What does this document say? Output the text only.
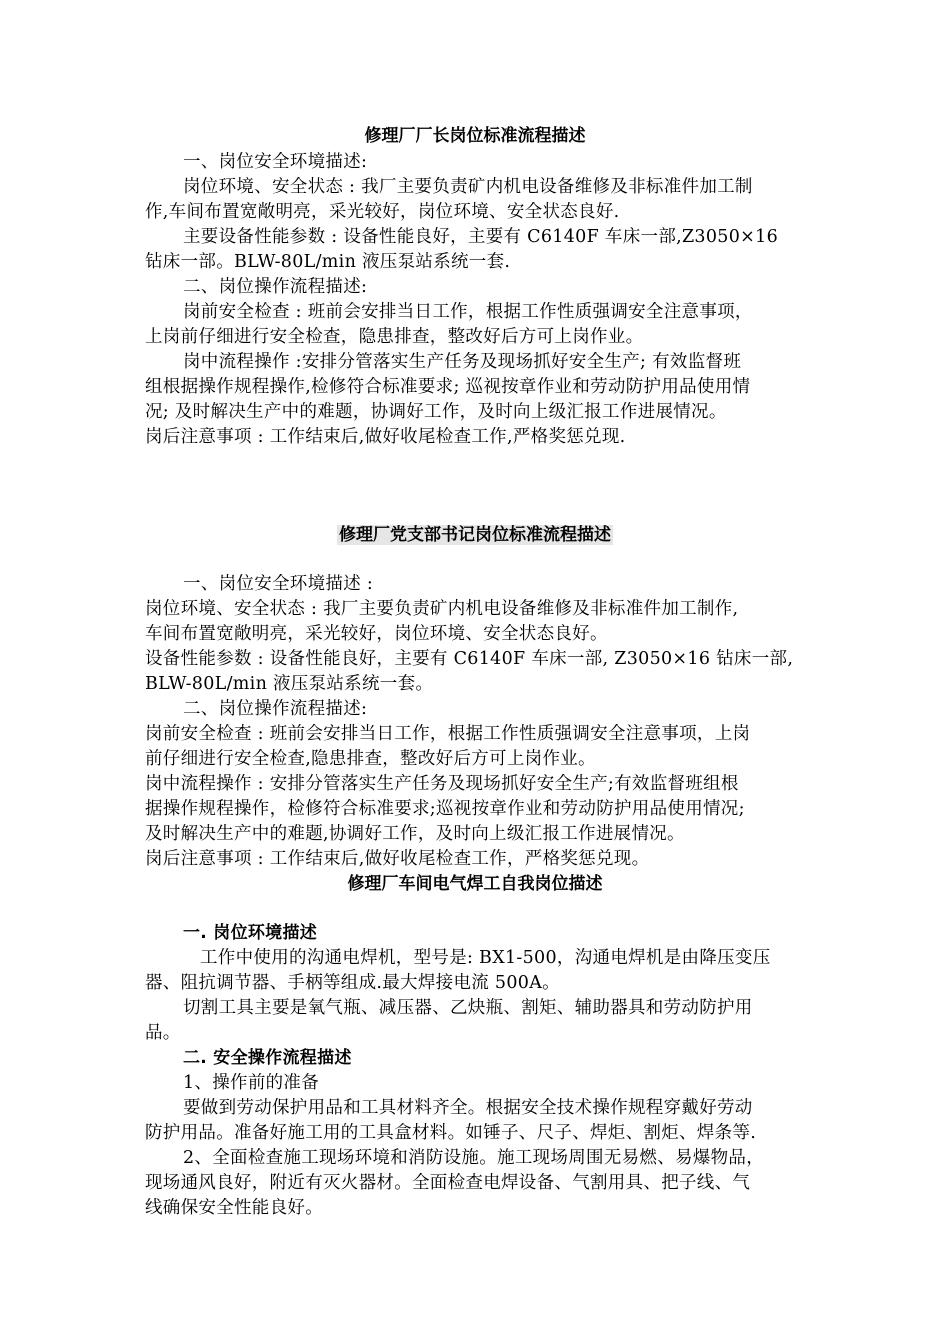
修理厂厂长岗位标准流程描述
一、岗位安全环境描述:
岗位环境、安全状态 : 我厂主要负责矿内机电设备维修及非标准件加工制
作,车间布置宽敞明亮，采光较好，岗位环境、安全状态良好.
主要设备性能参数 : 设备性能良好，主要有 C6140F 车床一部,Z3050×16
钻床一部。BLW-80L/min 液压泵站系统一套.
二、岗位操作流程描述:
岗前安全检查 : 班前会安排当日工作，根据工作性质强调安全注意事项，
上岗前仔细进行安全检查，隐患排查，整改好后方可上岗作业。
岗中流程操作 :安排分管落实生产任务及现场抓好安全生产; 有效监督班
组根据操作规程操作,检修符合标准要求; 巡视按章作业和劳动防护用品使用情
况; 及时解决生产中的难题，协调好工作，及时向上级汇报工作进展情况。
岗后注意事项 : 工作结束后,做好收尾检查工作,严格奖惩兑现.
修理厂党支部书记岗位标准流程描述
一、岗位安全环境描述 :
岗位环境、安全状态 : 我厂主要负责矿内机电设备维修及非标准件加工制作,
车间布置宽敞明亮，采光较好，岗位环境、安全状态良好。
设备性能参数 : 设备性能良好，主要有 C6140F 车床一部, Z3050×16 钻床一部,
BLW-80L/min 液压泵站系统一套。
二、岗位操作流程描述:
岗前安全检查 : 班前会安排当日工作，根据工作性质强调安全注意事项，上岗
前仔细进行安全检查,隐患排查，整改好后方可上岗作业。
岗中流程操作 : 安排分管落实生产任务及现场抓好安全生产;有效监督班组根
据操作规程操作，检修符合标准要求;巡视按章作业和劳动防护用品使用情况;
及时解决生产中的难题,协调好工作，及时向上级汇报工作进展情况。
岗后注意事项 : 工作结束后,做好收尾检查工作，严格奖惩兑现。
修理厂车间电气焊工自我岗位描述
一. 岗位环境描述
工作中使用的沟通电焊机，型号是: BX1-500，沟通电焊机是由降压变压
器、阻抗调节器、手柄等组成.最大焊接电流 500A。
切割工具主要是氧气瓶、减压器、乙炔瓶、割矩、辅助器具和劳动防护用
品。
二. 安全操作流程描述
1、操作前的准备
要做到劳动保护用品和工具材料齐全。根据安全技术操作规程穿戴好劳动
防护用品。准备好施工用的工具盒材料。如锤子、尺子、焊炬、割炬、焊条等.
2、全面检查施工现场环境和消防设施。施工现场周围无易燃、易爆物品，
现场通风良好，附近有灭火器材。全面检查电焊设备、气割用具、把子线、气
线确保安全性能良好。
